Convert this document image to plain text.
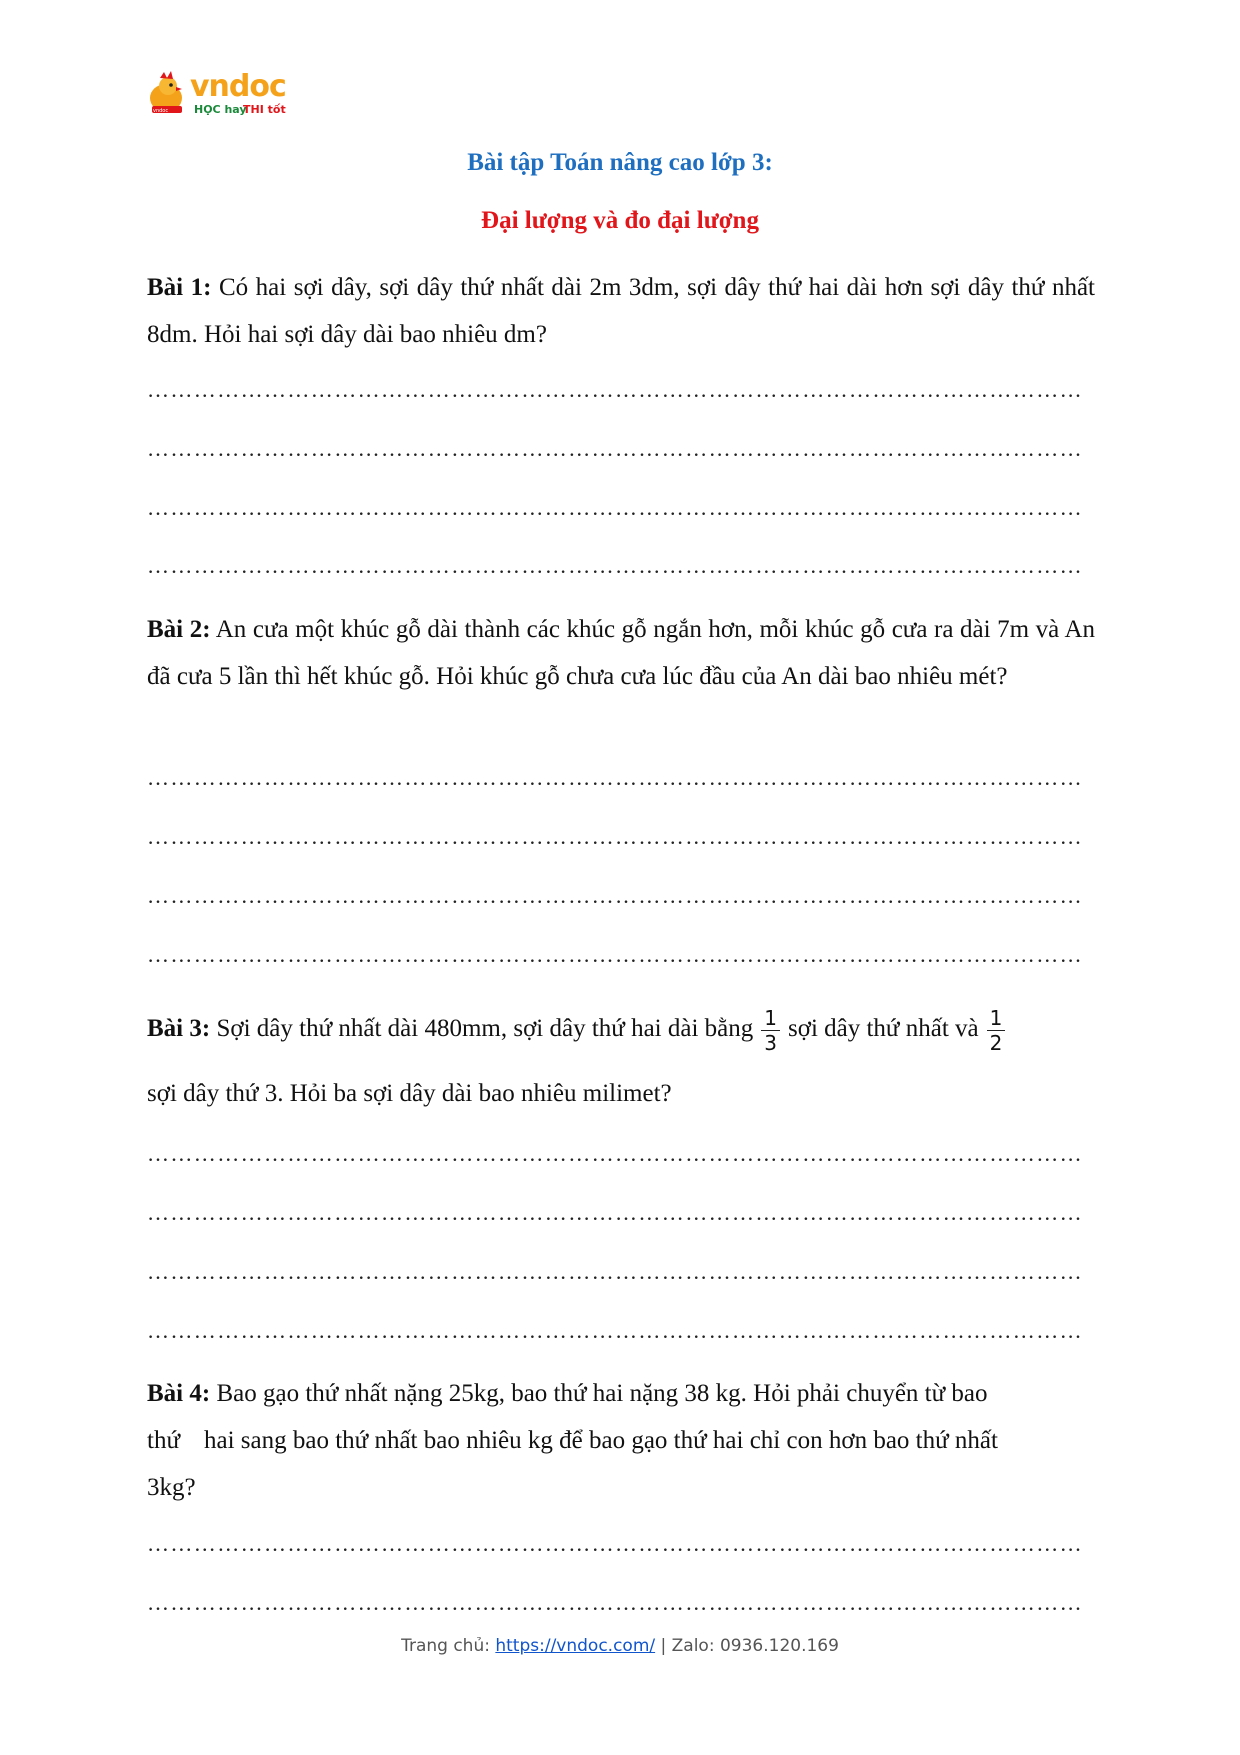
vndoc
vndoc
HỌC hay
THI tốt
Bài tập Toán nâng cao lớp 3:
Đại lượng và đo đại lượng
Bài 1: Có hai sợi dây, sợi dây thứ nhất dài 2m 3dm, sợi dây thứ hai dài hơn sợi dây thứ nhất 8dm. Hỏi hai sợi dây dài bao nhiêu dm?
…………………………………………………………………………………………………………
…………………………………………………………………………………………………………
…………………………………………………………………………………………………………
…………………………………………………………………………………………………………
Bài 2: An cưa một khúc gỗ dài thành các khúc gỗ ngắn hơn, mỗi khúc gỗ cưa ra dài 7m và An đã cưa 5 lần thì hết khúc gỗ. Hỏi khúc gỗ chưa cưa lúc đầu của An dài bao nhiêu mét?
…………………………………………………………………………………………………………
…………………………………………………………………………………………………………
…………………………………………………………………………………………………………
…………………………………………………………………………………………………………
Bài 3: Sợi dây thứ nhất dài 480mm, sợi dây thứ hai dài bằng $\frac{1}{3}$ sợi dây thứ nhất và $\frac{1}{2}$
sợi dây thứ 3. Hỏi ba sợi dây dài bao nhiêu milimet?
…………………………………………………………………………………………………………
…………………………………………………………………………………………………………
…………………………………………………………………………………………………………
…………………………………………………………………………………………………………
Bài 4: Bao gạo thứ nhất nặng 25kg, bao thứ hai nặng 38 kg. Hỏi phải chuyển từ bao
thứ hai sang bao thứ nhất bao nhiêu kg để bao gạo thứ hai chỉ con hơn bao thứ nhất
3kg?
…………………………………………………………………………………………………………
…………………………………………………………………………………………………………
Trang chủ: https://vndoc.com/ | Zalo: 0936.120.169
